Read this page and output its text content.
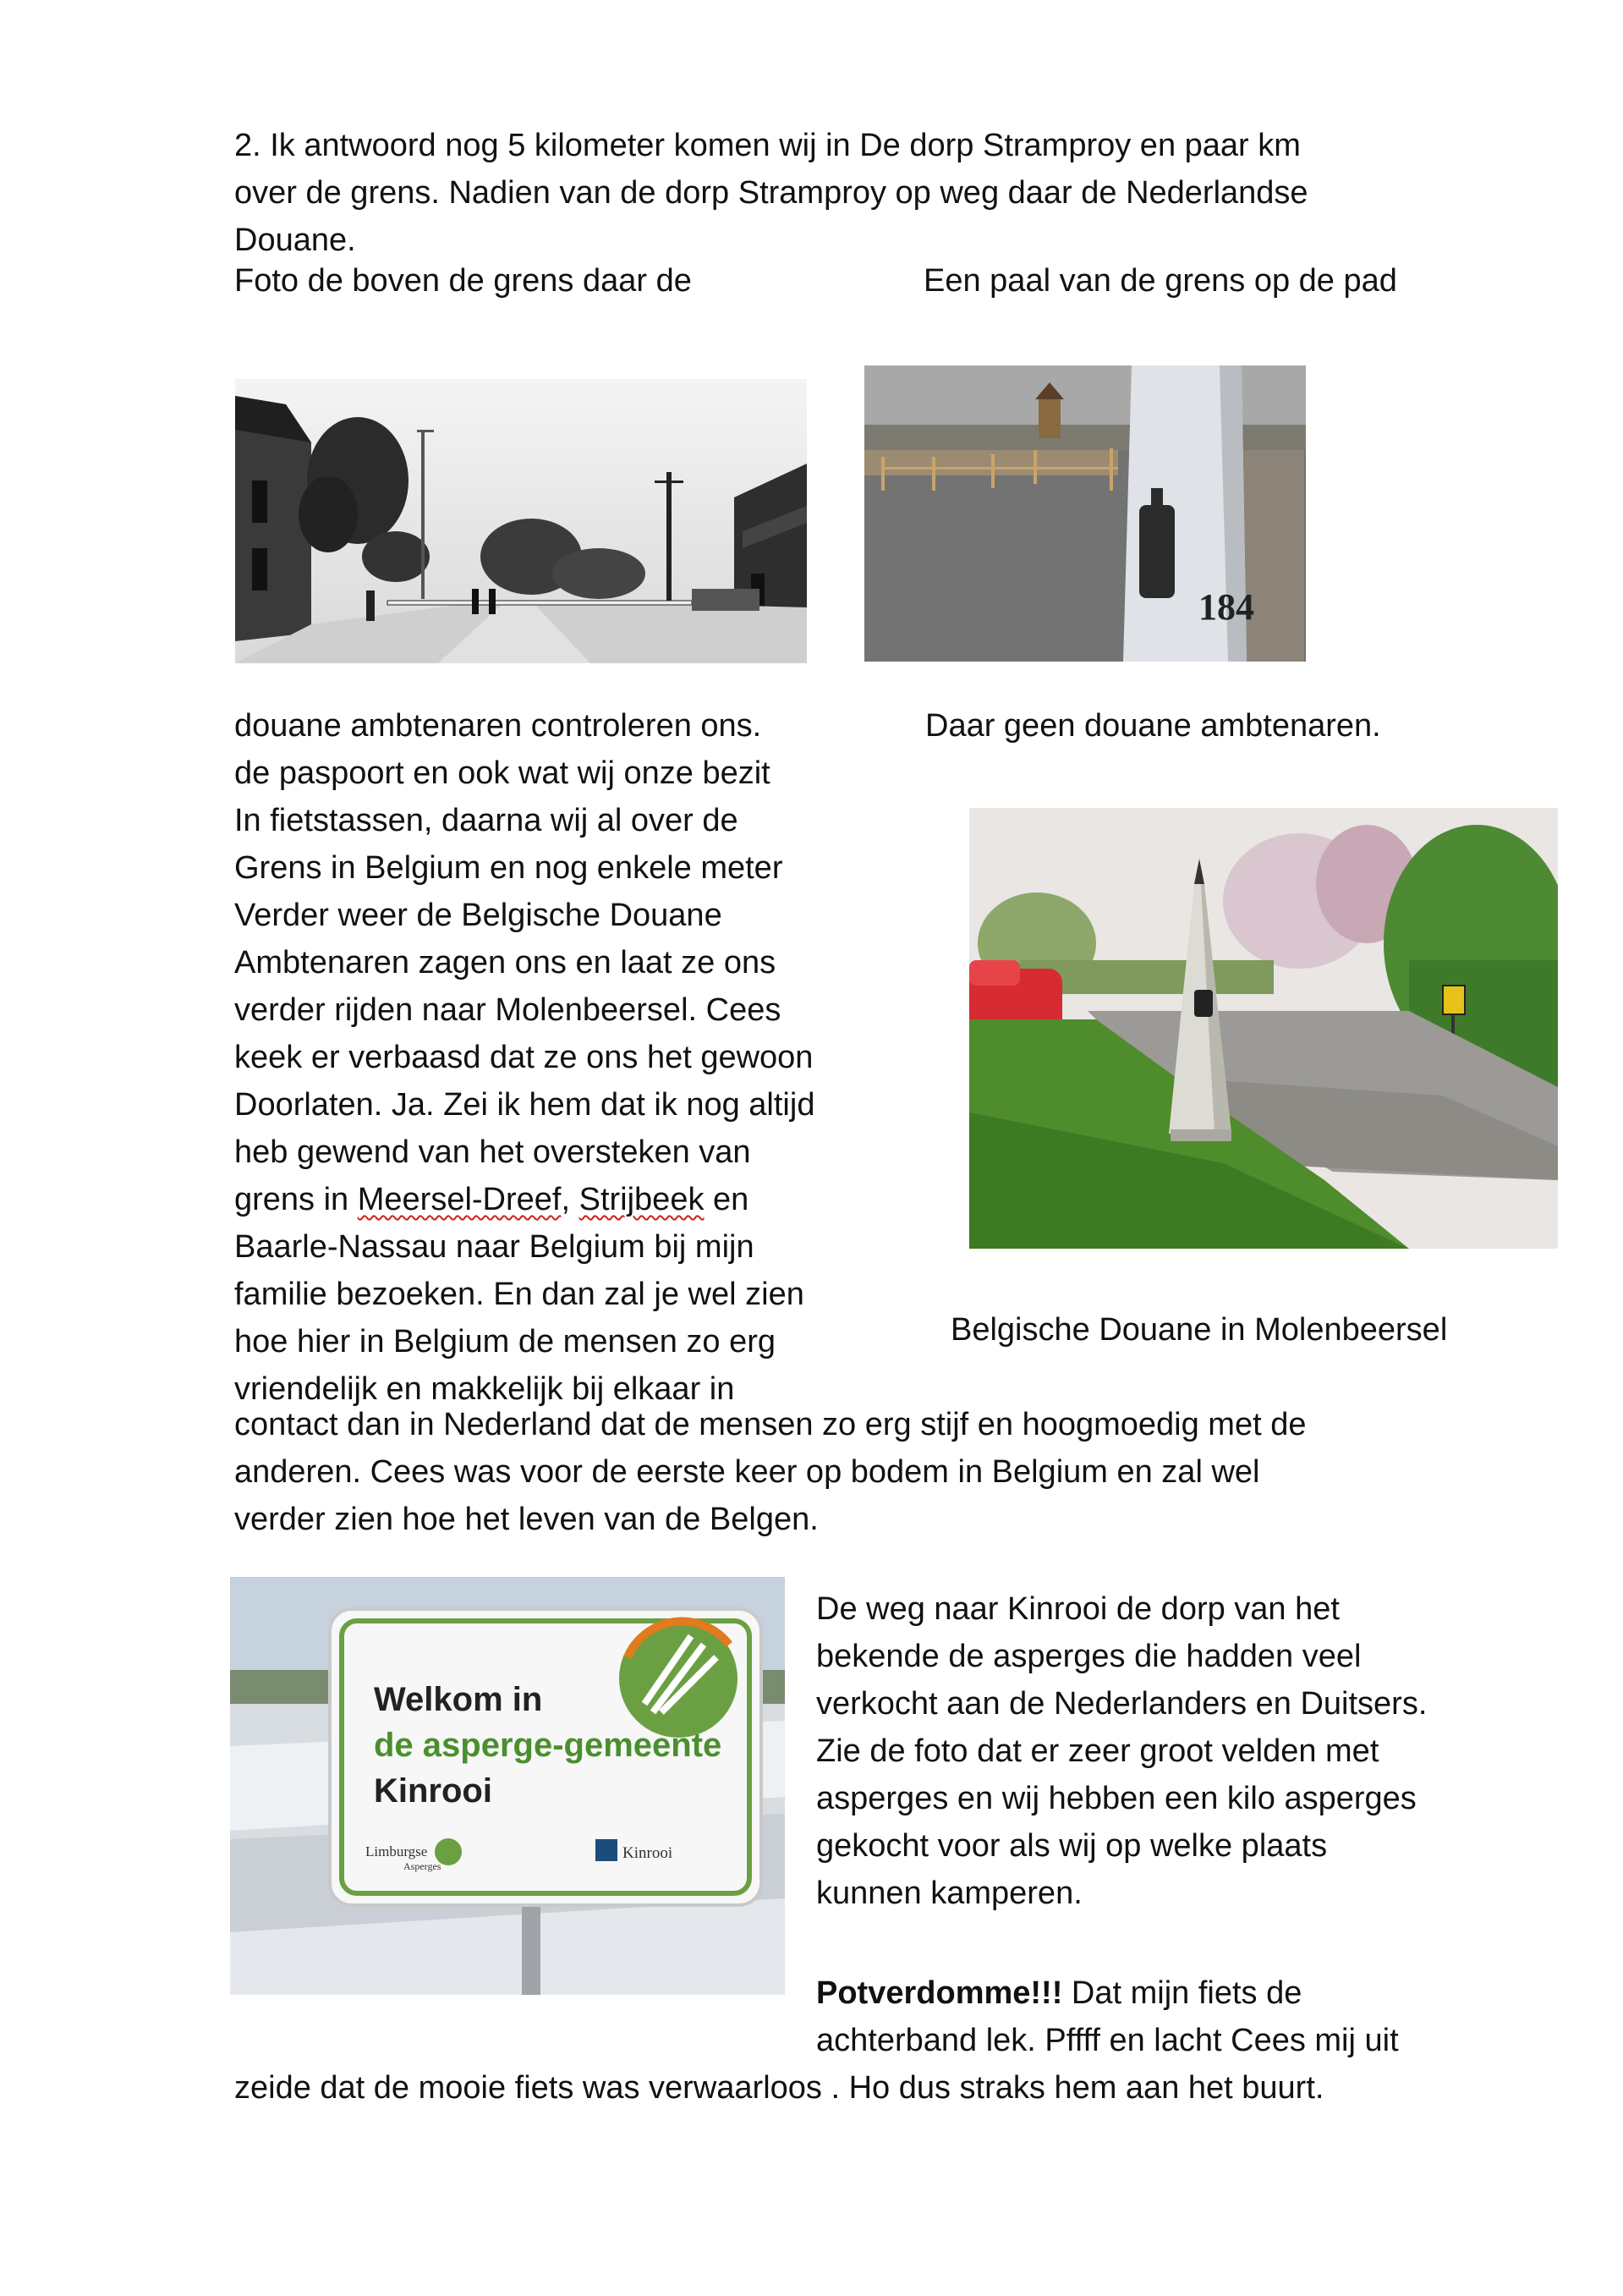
2. Ik antwoord nog 5 kilometer komen wij in De dorp Stramproy en paar km

over de grens. Nadien van de dorp Stramproy op weg daar de Nederlandse

Douane.

Foto de boven de grens daar de	Een paal van de grens op de pad

184

douane ambtenaren controleren ons.	Daar geen douane ambtenaren.

de paspoort en ook wat wij onze bezit

In fietstassen, daarna wij al over de

Grens in Belgium en nog enkele meter

Verder weer de Belgische Douane

Ambtenaren zagen ons en laat ze ons

verder rijden naar Molenbeersel. Cees

keek er verbaasd dat ze ons het gewoon

Doorlaten. Ja. Zei ik hem dat ik nog altijd

heb gewend van het oversteken van

grens in Meersel-Dreef, Strijbeek en

Baarle-Nassau naar Belgium bij mijn

familie bezoeken. En dan zal je wel zien

hoe hier in Belgium de mensen zo erg

vriendelijk en makkelijk bij elkaar in

Belgische Douane in Molenbeersel

contact dan in Nederland dat de mensen zo erg stijf en hoogmoedig met de

anderen. Cees was voor de eerste keer op bodem in Belgium en zal wel

verder zien hoe het leven van de Belgen.

Welkom in
de asperge-gemeente
Kinrooi
Limburgse
Asperges
Kinrooi

De weg naar Kinrooi de dorp van het

bekende de asperges die hadden veel

verkocht aan de Nederlanders en Duitsers.

Zie de foto dat er zeer groot velden met

asperges en wij hebben een kilo asperges

gekocht voor als wij op welke plaats

kunnen kamperen.

Potverdomme!!! Dat mijn fiets de

achterband lek. Pffff en lacht Cees mij uit

zeide dat de mooie fiets was verwaarloos . Ho dus straks hem aan het buurt.
